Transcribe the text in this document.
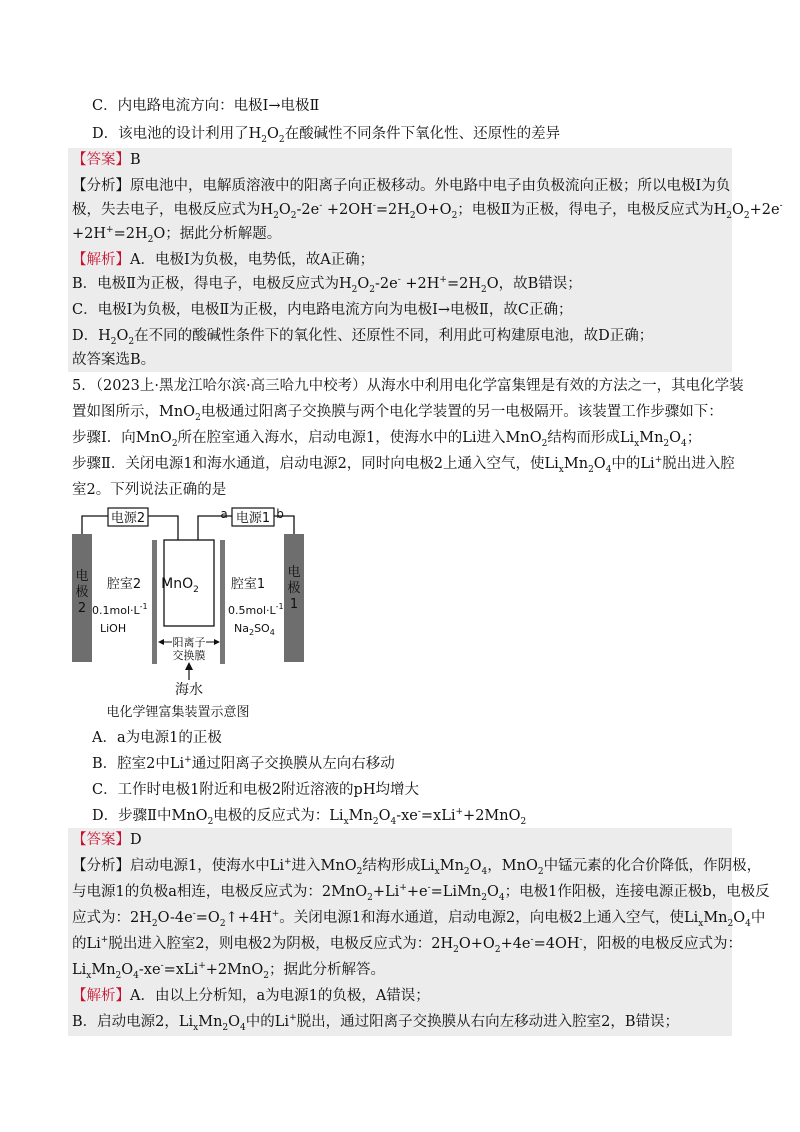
C．内电路电流方向：电极Ⅰ→电极Ⅱ
D．该电池的设计利用了$H_2O_2$在酸碱性不同条件下氧化性、还原性的差异
【答案】B
【分析】原电池中，电解质溶液中的阳离子向正极移动。外电路中电子由负极流向正极；所以电极Ⅰ为负
极，失去电子，电极反应式为$H_2O_2-2e^- +2OH^-=2H_2O+O_2$；电极Ⅱ为正极，得电子，电极反应式为$H_2O_2+2e^-$
$+2H^+=2H_2O$；据此分析解题。
【解析】A．电极Ⅰ为负极，电势低，故A正确；
B．电极Ⅱ为正极，得电子，电极反应式为$H_2O_2-2e^- +2H^+=2H_2O$，故B错误；
C．电极Ⅰ为负极，电极Ⅱ为正极，内电路电流方向为电极Ⅰ→电极Ⅱ，故C正确；
D．$H_2O_2$在不同的酸碱性条件下的氧化性、还原性不同，利用此可构建原电池，故D正确；
故答案选B。
5．（2023上·黑龙江哈尔滨·高三哈九中校考）从海水中利用电化学富集锂是有效的方法之一，其电化学装
置如图所示，MnO$_2$电极通过阳离子交换膜与两个电化学装置的另一电极隔开。该装置工作步骤如下：
步骤Ⅰ．向MnO$_2$所在腔室通入海水，启动电源1，使海水中的Li进入MnO$_2$结构而形成$Li_xMn_2O_4$；
步骤Ⅱ．关闭电源1和海水通道，启动电源2，同时向电极2上通入空气，使$Li_xMn_2O_4$中的Li+脱出进入腔
室2。下列说法正确的是
电源2	电源1
a	b
电
极
2
电
极
1
MnO$_2$
腔室2
$0.1mol\cdot L^{-1}$
LiOH
腔室1
$0.5mol\cdot L^{-1}$
$Na_2SO_4$
阳离子
交换膜
海水
电化学锂富集装置示意图
A．a为电源1的正极
B．腔室2中Li+通过阳离子交换膜从左向右移动
C．工作时电极1附近和电极2附近溶液的pH均增大
D．步骤Ⅱ中MnO$_2$电极的反应式为：$Li_xMn_2O_4-xe^-=xLi^++2MnO_2$
【答案】D
【分析】启动电源1，使海水中Li+进入MnO$_2$结构形成$Li_xMn_2O_4$，MnO$_2$中锰元素的化合价降低，作阴极，
与电源1的负极a相连，电极反应式为：$2MnO_2+Li^++e^-=LiMn_2O_4$；电极1作阳极，连接电源正极b，电极反
应式为：$2H_2O-4e^-=O_2↑+4H^+$。关闭电源1和海水通道，启动电源2，向电极2上通入空气，使$Li_xMn_2O_4$中
的Li+脱出进入腔室2，则电极2为阴极，电极反应式为：$2H_2O+O_2+4e^-=4OH^-$，阳极的电极反应式为：
$Li_xMn_2O_4-xe^-=xLi^++2MnO_2$；据此分析解答。
【解析】A．由以上分析知，a为电源1的负极，A错误；
B．启动电源2，$Li_xMn_2O_4$中的Li+脱出，通过阳离子交换膜从右向左移动进入腔室2，B错误；
